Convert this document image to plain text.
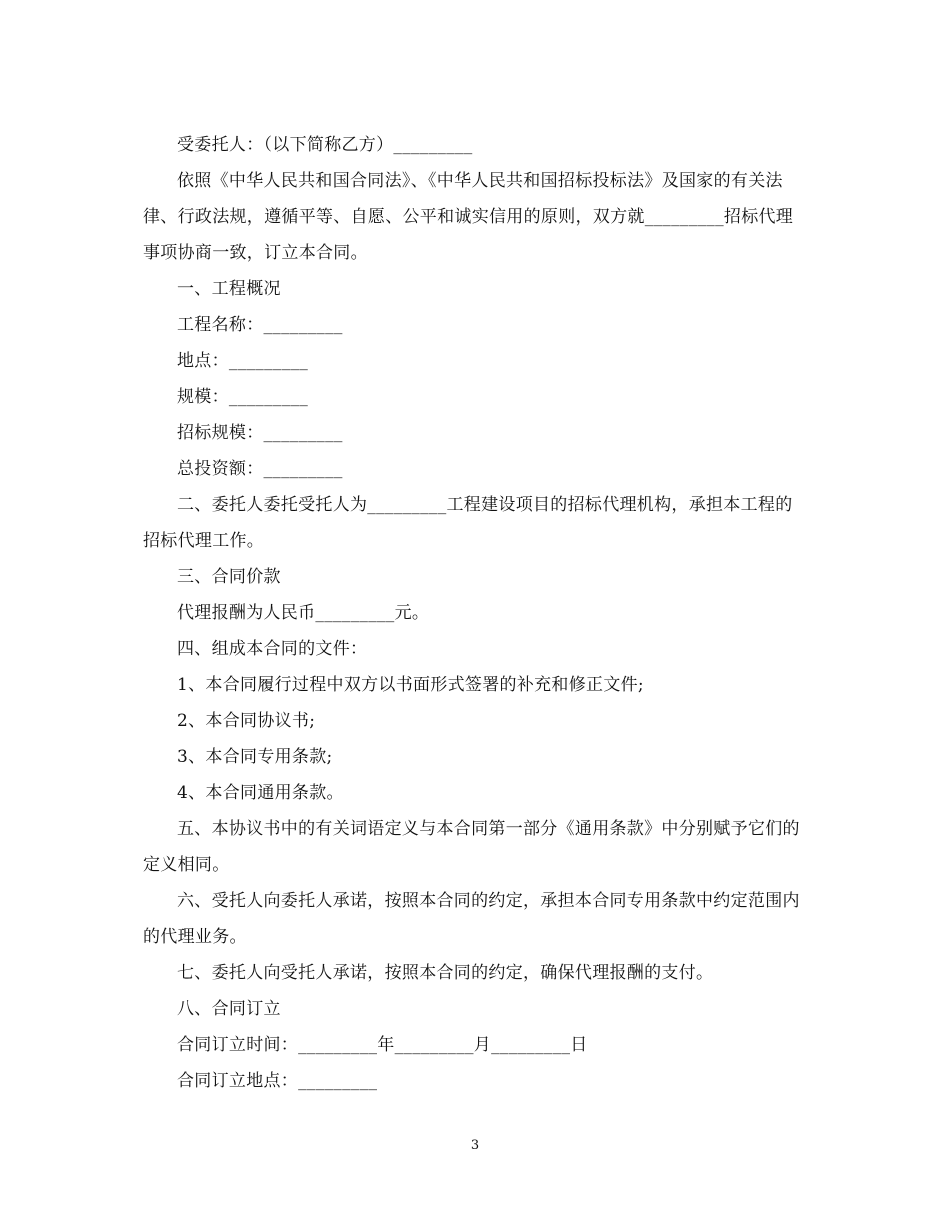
受委托人：（以下简称乙方）_________

依照《中华人民共和国合同法》、《中华人民共和国招标投标法》及国家的有关法律、行政法规，遵循平等、自愿、公平和诚实信用的原则，双方就_________招标代理事项协商一致，订立本合同。

一、工程概况

工程名称：_________

地点：_________

规模：_________

招标规模：_________

总投资额：_________

二、委托人委托受托人为_________工程建设项目的招标代理机构，承担本工程的招标代理工作。

三、合同价款

代理报酬为人民币_________元。

四、组成本合同的文件：

1、本合同履行过程中双方以书面形式签署的补充和修正文件;

2、本合同协议书;

3、本合同专用条款;

4、本合同通用条款。

五、本协议书中的有关词语定义与本合同第一部分《通用条款》中分别赋予它们的定义相同。

六、受托人向委托人承诺，按照本合同的约定，承担本合同专用条款中约定范围内的代理业务。

七、委托人向受托人承诺，按照本合同的约定，确保代理报酬的支付。

八、合同订立

合同订立时间：_________年_________月_________日

合同订立地点：_________

3
